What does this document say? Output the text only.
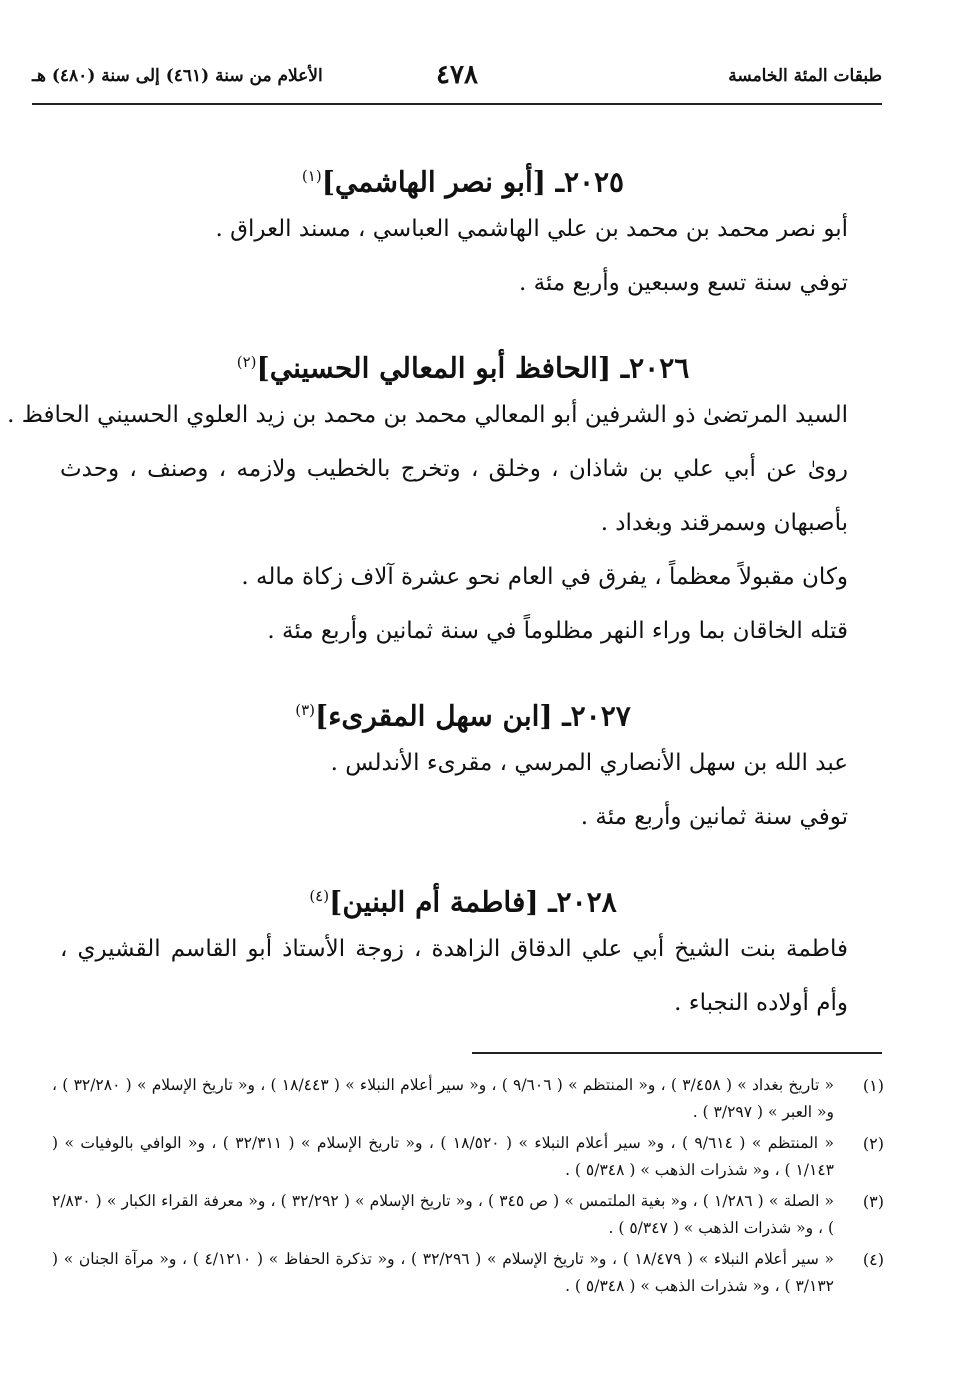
طبقات المئة الخامسة
٤٧٨
الأعلام من سنة (٤٦١) إلى سنة (٤٨٠) هـ
٢٠٢٥ـ [أبو نصر الهاشمي]$^{(١)}$

أبو نصر محمد بن محمد بن علي الهاشمي العباسي ، مسند العراق .

توفي سنة تسع وسبعين وأربع مئة .

٢٠٢٦ـ [الحافظ أبو المعالي الحسيني]$^{(٢)}$

السيد المرتضىٰ ذو الشرفين أبو المعالي محمد بن محمد بن زيد العلوي الحسيني الحافظ .

رویٰ عن أبي علي بن شاذان ، وخلق ، وتخرج بالخطيب ولازمه ، وصنف ، وحدث بأصبهان وسمرقند وبغداد .

وكان مقبولاً معظماً ، يفرق في العام نحو عشرة آلاف زكاة ماله .

قتله الخاقان بما وراء النهر مظلوماً في سنة ثمانين وأربع مئة .

٢٠٢٧ـ [ابن سهل المقرىء]$^{(٣)}$

عبد الله بن سهل الأنصاري المرسي ، مقرىء الأندلس .

توفي سنة ثمانين وأربع مئة .

٢٠٢٨ـ [فاطمة أم البنين]$^{(٤)}$

فاطمة بنت الشيخ أبي علي الدقاق الزاهدة ، زوجة الأستاذ أبو القاسم القشيري ، وأم أولاده النجباء .

(١)
« تاريخ بغداد » ( ٣/٤٥٨ ) ، و« المنتظم » ( ٩/٦٠٦ ) ، و« سير أعلام النبلاء » ( ١٨/٤٤٣ ) ، و« تاريخ الإسلام » ( ٣٢/٢٨٠ ) ، و« العبر » ( ٣/٢٩٧ ) .
(٢)
« المنتظم » ( ٩/٦١٤ ) ، و« سير أعلام النبلاء » ( ١٨/٥٢٠ ) ، و« تاريخ الإسلام » ( ٣٢/٣١١ ) ، و« الوافي بالوفيات » ( ١/١٤٣ ) ، و« شذرات الذهب » ( ٥/٣٤٨ ) .
(٣)
« الصلة » ( ١/٢٨٦ ) ، و« بغية الملتمس » ( ص ٣٤٥ ) ، و« تاريخ الإسلام » ( ٣٢/٢٩٢ ) ، و« معرفة القراء الكبار » ( ٢/٨٣٠ ) ، و« شذرات الذهب » ( ٥/٣٤٧ ) .
(٤)
« سير أعلام النبلاء » ( ١٨/٤٧٩ ) ، و« تاريخ الإسلام » ( ٣٢/٢٩٦ ) ، و« تذكرة الحفاظ » ( ٤/١٢١٠ ) ، و« مرآة الجنان » ( ٣/١٣٢ ) ، و« شذرات الذهب » ( ٥/٣٤٨ ) .
